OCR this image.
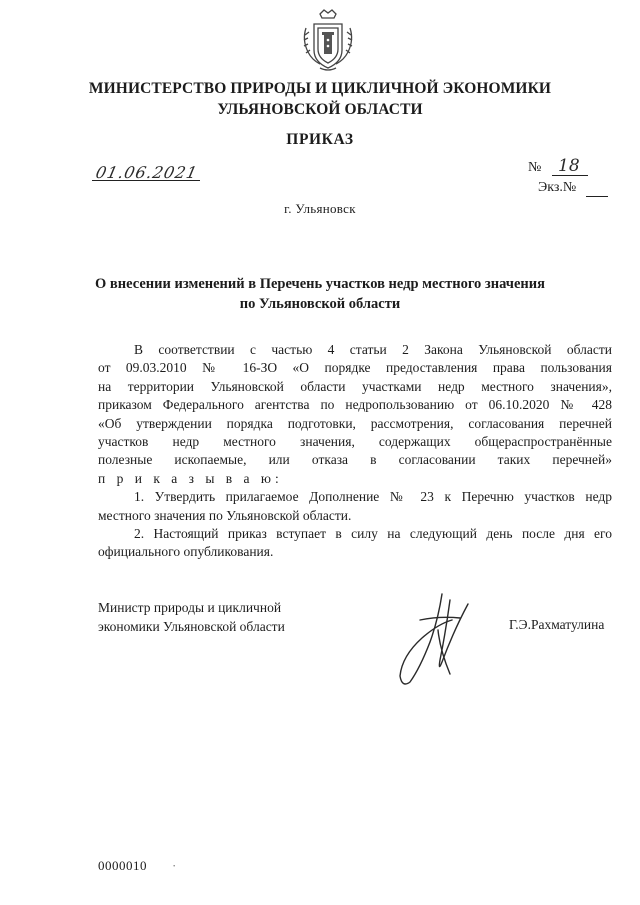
МИНИСТЕРСТВО ПРИРОДЫ И ЦИКЛИЧНОЙ ЭКОНОМИКИ
УЛЬЯНОВСКОЙ ОБЛАСТИ
ПРИКАЗ
01.06.2021	№ 18
Экз.№
г. Ульяновск
О внесении изменений в Перечень участков недр местного значения
по Ульяновской области

В соответствии с частью 4 статьи 2 Закона Ульяновской области

от 09.03.2010 № 16-ЗО «О порядке предоставления права пользования

на территории Ульяновской области участками недр местного значения»,

приказом Федерального агентства по недропользованию от 06.10.2020 № 428

«Об утверждении порядка подготовки, рассмотрения, согласования перечней

участков недр местного значения, содержащих общераспространённые

полезные ископаемые, или отказа в согласовании таких перечней»

п р и к а з ы в а ю:

1. Утвердить прилагаемое Дополнение № 23 к Перечню участков недр

местного значения по Ульяновской области.

2. Настоящий приказ вступает в силу на следующий день после дня его

официального опубликования.

Министр природы и цикличной
экономики Ульяновской области	Г.Э.Рахматулина
0000010 ·
